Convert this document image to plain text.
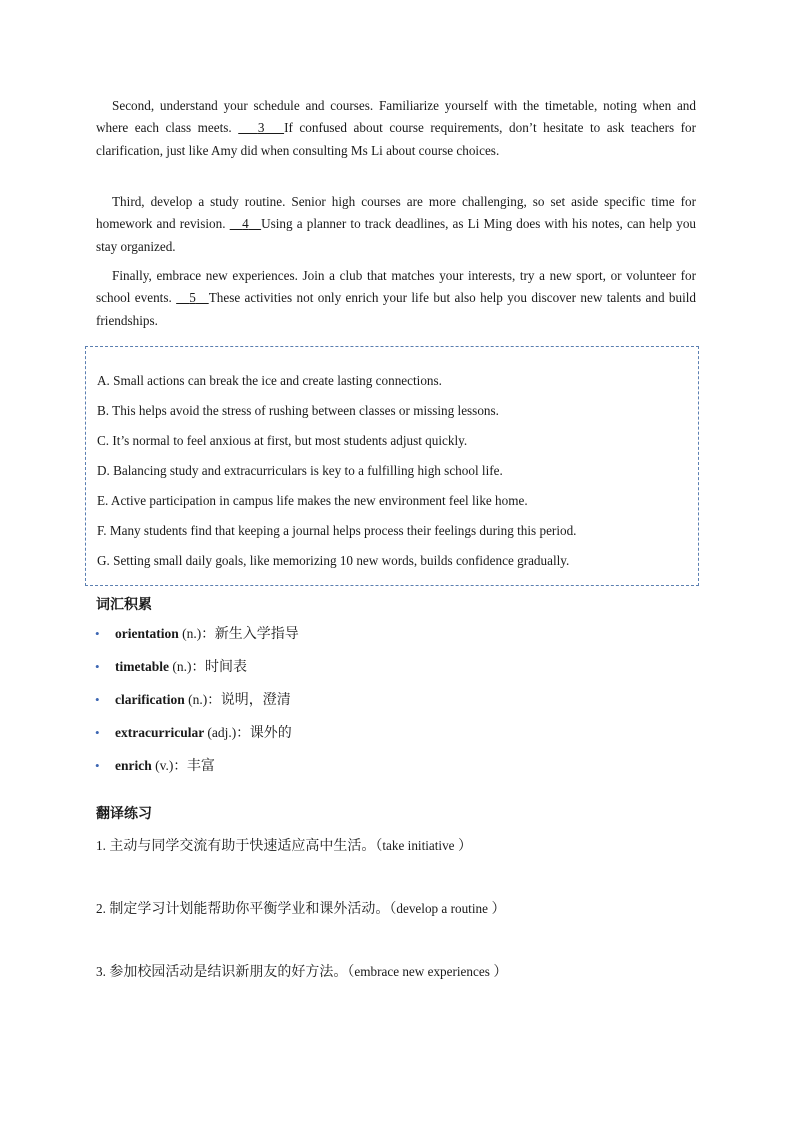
Second, understand your schedule and courses. Familiarize yourself with the timetable, noting when and where each class meets.    3 If confused about course requirements, don’t hesitate to ask teachers for clarification, just like Amy did when consulting Ms Li about course choices.

Third, develop a study routine. Senior high courses are more challenging, so set aside specific time for homework and revision.    4 Using a planner to track deadlines, as Li Ming does with his notes, can help you stay organized.

Finally, embrace new experiences. Join a club that matches your interests, try a new sport, or volunteer for school events.    5 These activities not only enrich your life but also help you discover new talents and build friendships.

A. Small actions can break the ice and create lasting connections.

B. This helps avoid the stress of rushing between classes or missing lessons.

C. It’s normal to feel anxious at first, but most students adjust quickly.

D. Balancing study and extracurriculars is key to a fulfilling high school life.

E. Active participation in campus life makes the new environment feel like home.

F. Many students find that keeping a journal helps process their feelings during this period.

G. Setting small daily goals, like memorizing 10 new words, builds confidence gradually.

词汇积累

• orientation (n.)：新生入学指导
• timetable (n.)：时间表
• clarification (n.)：说明，澄清
• extracurricular (adj.)：课外的
• enrich (v.)：丰富

翻译练习

1. 主动与同学交流有助于快速适应高中生活。（take initiative ）

2. 制定学习计划能帮助你平衡学业和课外活动。（develop a routine ）

3. 参加校园活动是结识新朋友的好方法。（embrace new experiences ）
